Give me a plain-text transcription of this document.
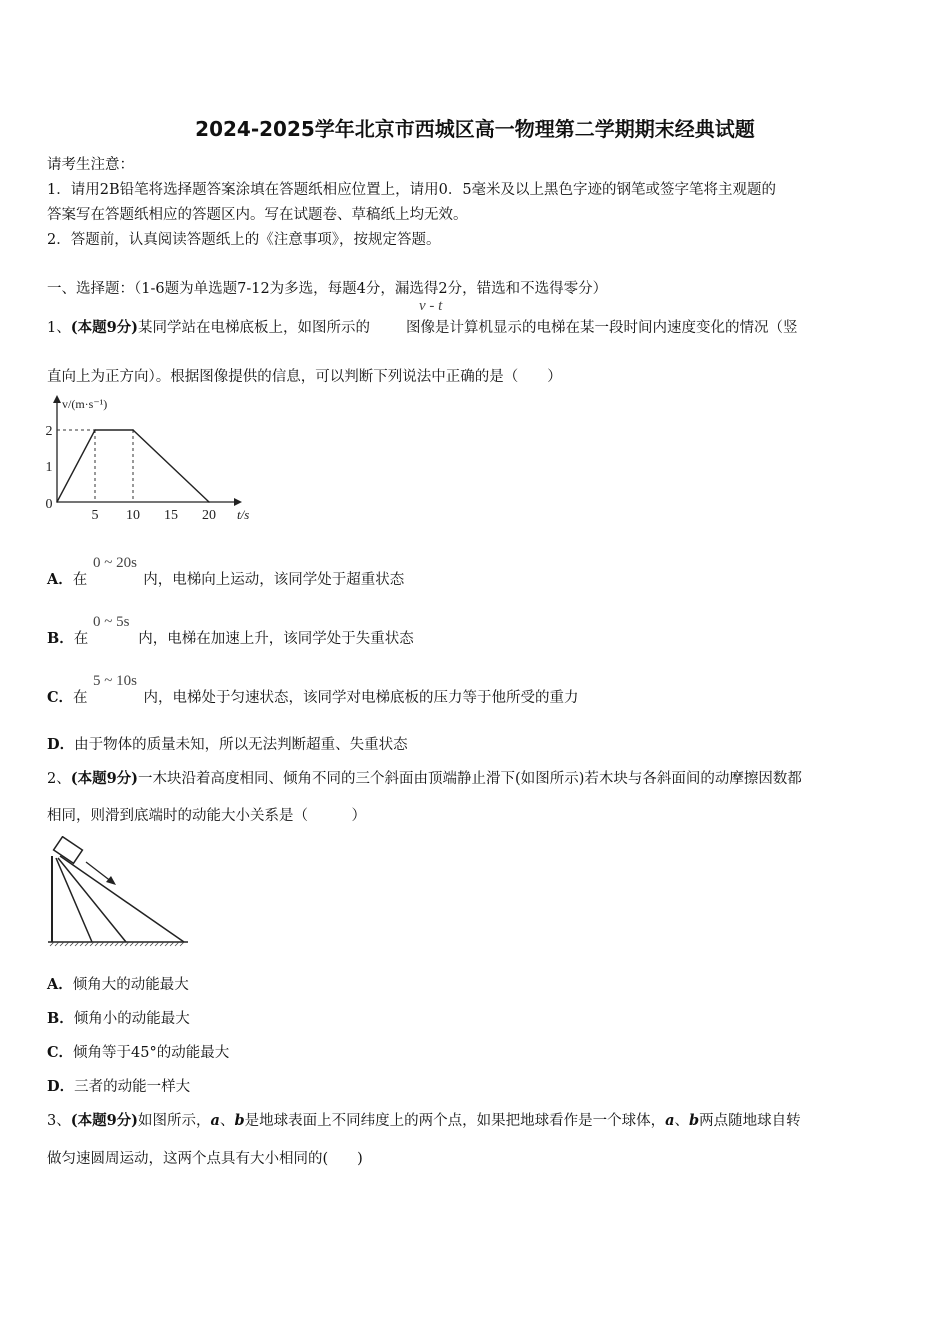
2024-2025学年北京市西城区高一物理第二学期期末经典试题
请考生注意：
1．请用2B铅笔将选择题答案涂填在答题纸相应位置上，请用0．5毫米及以上黑色字迹的钢笔或签字笔将主观题的
答案写在答题纸相应的答题区内。写在试题卷、草稿纸上均无效。
2．答题前，认真阅读答题纸上的《注意事项》，按规定答题。
一、选择题：（1-6题为单选题7-12为多选，每题4分，漏选得2分，错选和不选得零分）
1、(本题9分)某同学站在电梯底板上，如图所示的 图像是计算机显示的电梯在某一段时间内速度变化的情况（竖
v - t
直向上为正方向）。根据图像提供的信息，可以判断下列说法中正确的是（　　）
5 10 15 20
2
1
0
t/s
v/(m·s⁻¹)
A．在	内，电梯向上运动，该同学处于超重状态
0 ~ 20s
B．在	内，电梯在加速上升，该同学处于失重状态
0 ~ 5s
C．在	内，电梯处于匀速状态，该同学对电梯底板的压力等于他所受的重力
5 ~ 10s
D．由于物体的质量未知，所以无法判断超重、失重状态
2、(本题9分)一木块沿着高度相同、倾角不同的三个斜面由顶端静止滑下(如图所示)若木块与各斜面间的动摩擦因数都
相同，则滑到底端时的动能大小关系是（　　　）
A．倾角大的动能最大
B．倾角小的动能最大
C．倾角等于45°的动能最大
D．三者的动能一样大
3、(本题9分)如图所示，a、b是地球表面上不同纬度上的两个点，如果把地球看作是一个球体，a、b两点随地球自转
做匀速圆周运动，这两个点具有大小相同的(　　)
